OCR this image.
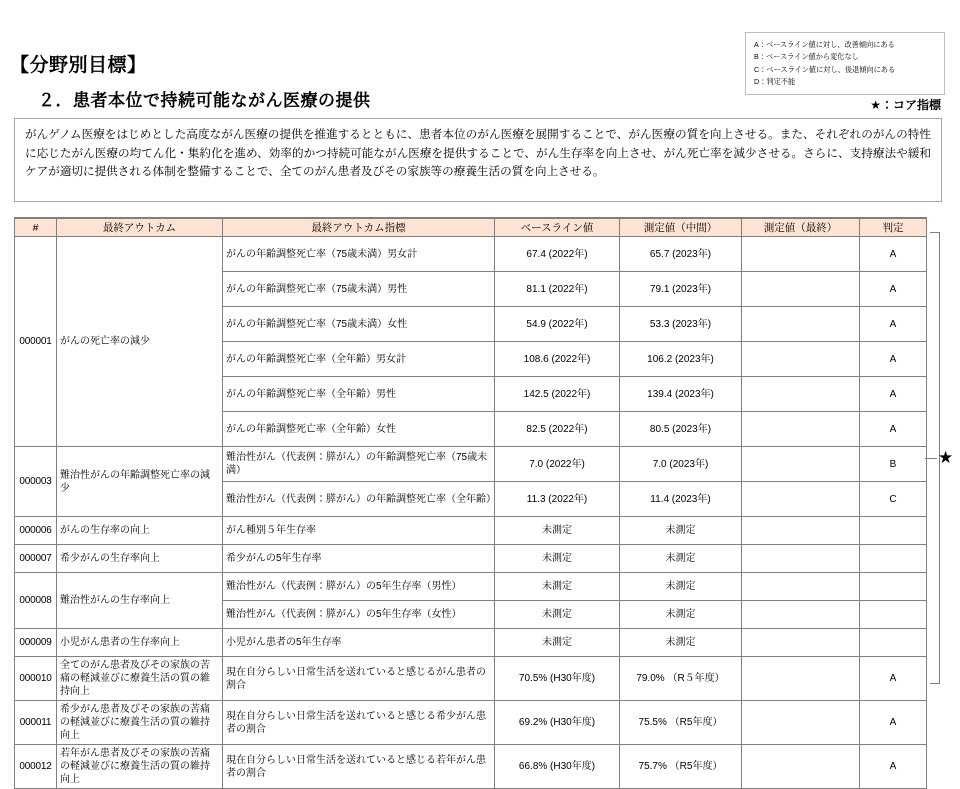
A：ベースライン値に対し、改善傾向にある
B：ベースライン値から変化なし
C：ベースライン値に対し、後退傾向にある
D：判定不能
★：コア指標
【分野別目標】
２．患者本位で持続可能ながん医療の提供
がんゲノム医療をはじめとした高度ながん医療の提供を推進するとともに、患者本位のがん医療を展開することで、がん医療の質を向上させる。また、それぞれのがんの特性に応じたがん医療の均てん化・集約化を進め、効率的かつ持続可能ながん医療を提供することで、がん生存率を向上させ、がん死亡率を減少させる。さらに、支持療法や緩和ケアが適切に提供される体制を整備することで、全てのがん患者及びその家族等の療養生活の質を向上させる。
#	最終アウトカム	最終アウトカム指標	ベースライン値	測定値（中間）	測定値（最終）	判定
000001	がんの死亡率の減少	がんの年齢調整死亡率（75歳未満）男女計	67.4 (2022年)	65.7 (2023年)		A
		がんの年齢調整死亡率（75歳未満）男性	81.1 (2022年)	79.1 (2023年)		A
		がんの年齢調整死亡率（75歳未満）女性	54.9 (2022年)	53.3 (2023年)		A
		がんの年齢調整死亡率（全年齢）男女計	108.6 (2022年)	106.2 (2023年)		A
		がんの年齢調整死亡率（全年齢）男性	142.5 (2022年)	139.4 (2023年)		A
		がんの年齢調整死亡率（全年齢）女性	82.5 (2022年)	80.5 (2023年)		A
000003	難治性がんの年齢調整死亡率の減少	難治性がん（代表例：膵がん）の年齢調整死亡率（75歳未満）	7.0 (2022年)	7.0 (2023年)		B
		難治性がん（代表例：膵がん）の年齢調整死亡率（全年齢）	11.3 (2022年)	11.4 (2023年)		C
000006	がんの生存率の向上	がん種別５年生存率	未測定	未測定		
000007	希少がんの生存率向上	希少がんの5年生存率	未測定	未測定		
000008	難治性がんの生存率向上	難治性がん（代表例：膵がん）の5年生存率（男性）	未測定	未測定		
		難治性がん（代表例：膵がん）の5年生存率（女性）	未測定	未測定		
000009	小児がん患者の生存率向上	小児がん患者の5年生存率	未測定	未測定		
000010	全てのがん患者及びその家族の苦痛の軽減並びに療養生活の質の維持向上	現在自分らしい日常生活を送れていると感じるがん患者の割合	70.5% (H30年度)	79.0% （R５年度）		A
000011	希少がん患者及びその家族の苦痛の軽減並びに療養生活の質の維持向上	現在自分らしい日常生活を送れていると感じる希少がん患者の割合	69.2% (H30年度)	75.5% （R5年度）		A
000012	若年がん患者及びその家族の苦痛の軽減並びに療養生活の質の維持向上	現在自分らしい日常生活を送れていると感じる若年がん患者の割合	66.8% (H30年度)	75.7% （R5年度）		A
★
